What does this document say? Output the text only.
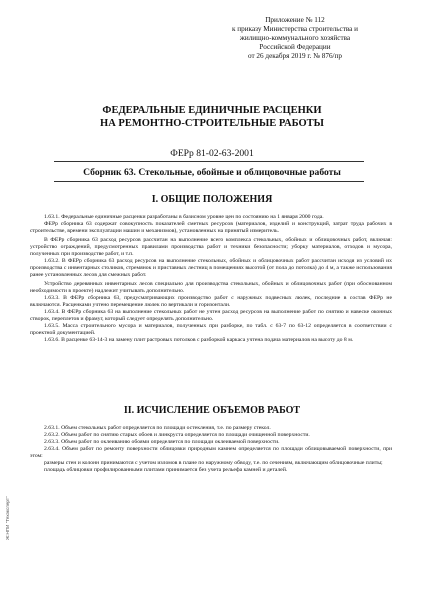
Приложение № 112
к приказу Министерства строительства и
жилищно-коммунального хозяйства
Российской Федерации
от 26 декабря 2019 г. № 876/пр
ФЕДЕРАЛЬНЫЕ ЕДИНИЧНЫЕ РАСЦЕНКИ
НА РЕМОНТНО-СТРОИТЕЛЬНЫЕ РАБОТЫ
ФЕРр 81-02-63-2001
Сборник 63. Стекольные, обойные и облицовочные работы
I. ОБЩИЕ ПОЛОЖЕНИЯ

1.63.1. Федеральные единичные расценки разработаны в базисном уровне цен по состоянию на 1 января 2000 года.

ФЕРр сборника 63 содержат совокупность показателей сметных ресурсов (материалов, изделий и конструкций, затрат труда рабочих в строительстве, времени эксплуатации машин и механизмов), установленных на принятый измеритель.

В ФЕРр сборника 63 расход ресурсов рассчитан на выполнение всего комплекса стекольных, обойных и облицовочных работ, включая: устройство ограждений, предусмотренных правилами производства работ и техники безопасности; уборку материалов, отходов и мусора, полученных при производстве работ, и т.п.

1.63.2. В ФЕРр сборника 63 расход ресурсов на выполнение стекольных, обойных и облицовочных работ рассчитан исходя из условий их производства с инвентарных столиков, стремянок и приставных лестниц в помещениях высотой (от пола до потолка) до 4 м, а также использования ранее установленных лесов для смежных работ.

Устройство деревянных инвентарных лесов специально для производства стекольных, обойных и облицовочных работ (при обоснованном необходимости в проекте) надлежит учитывать дополнительно.

1.63.3. В ФЕРр сборника 63, предусматривающих производство работ с наружных подвесных люлек, последние в состав ФЕРр не включаются. Расценками учтено перемещение люлек по вертикали и горизонтали.

1.63.4. В ФЕРр сборника 63 на выполнение стекольных работ не учтен расход ресурсов на выполнение работ по снятию и навеске оконных створок, переплетов и фрамуг, который следует определять дополнительно.

1.63.5. Масса строительного мусора и материалов, полученных при разборке, по табл. с 63-7 по 63-12 определяется в соответствии с проектной документацией.

1.63.6. В расценке 63-14-3 на замену плит растровых потолков с разборкой каркаса учтена подача материалов на высоту до 8 м.

II. ИСЧИСЛЕНИЕ ОБЪЕМОВ РАБОТ

2.63.1. Объем стекольных работ определяется по площади остекления, т.е. по размеру стекол.

2.63.2. Объем работ по снятию старых обоев и линкруста определяется по площади очищенной поверхности.

2.63.3. Объем работ по оклеиванию обоями определяется по площади оклеиваемой поверхности.

2.63.4. Объем работ по ремонту поверхности облицовки природным камнем определяется по площади облицовываемой поверхности, при этом:

размеры стен и колонн принимаются с учетом изломов в плане по наружному обводу, т.е. по сечениям, включающим облицовочные плиты;

площадь облицовки профилированными плитами принимается без учета рельефа камней и деталей.

Ж:НПИ "Техэксперт"
